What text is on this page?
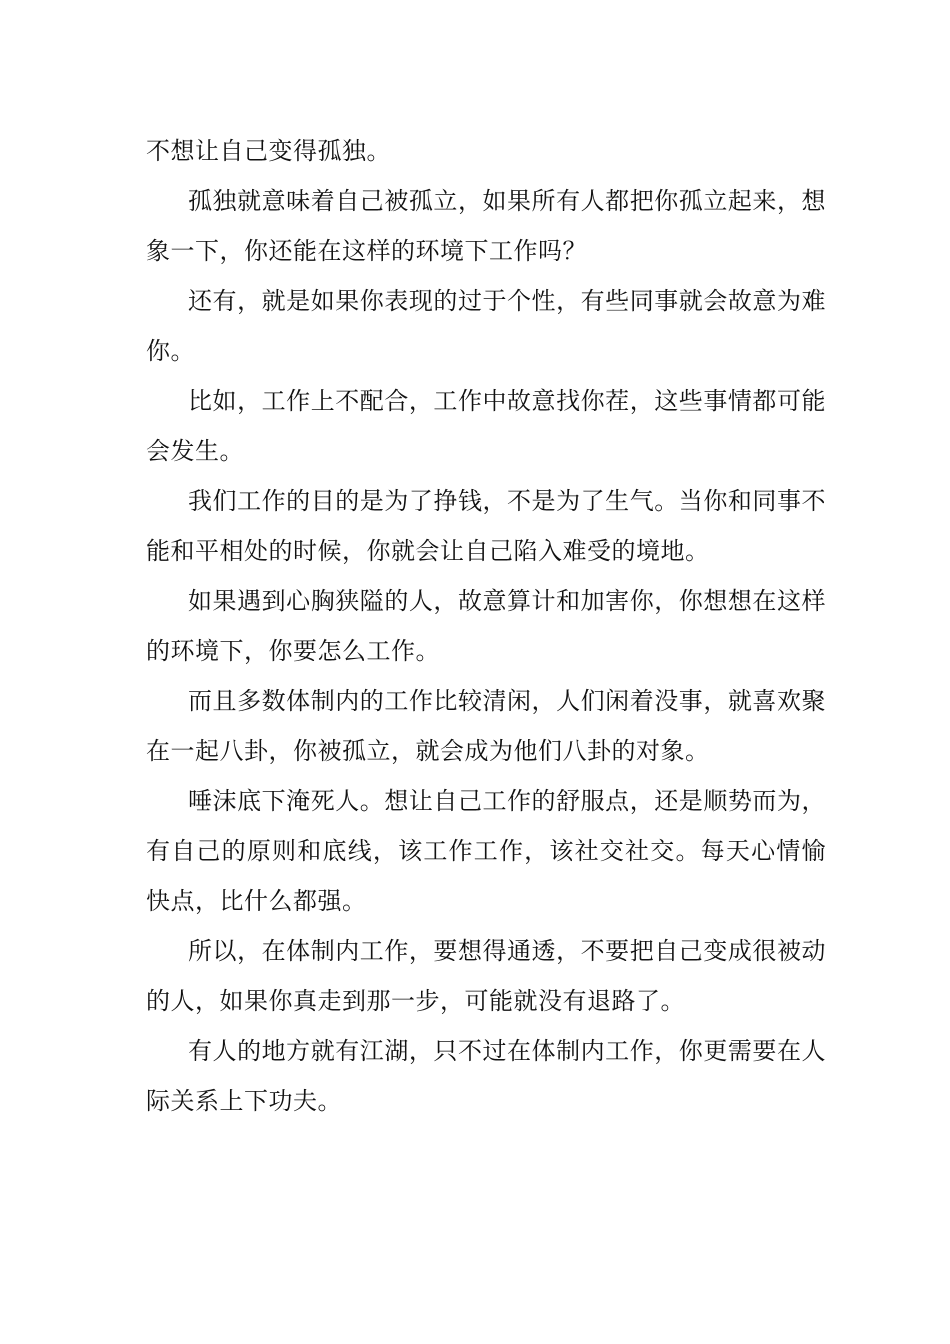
不想让自己变得孤独。

孤独就意味着自己被孤立，如果所有人都把你孤立起来，想象一下，你还能在这样的环境下工作吗？

还有，就是如果你表现的过于个性，有些同事就会故意为难你。

比如，工作上不配合，工作中故意找你茬，这些事情都可能会发生。

我们工作的目的是为了挣钱，不是为了生气。当你和同事不能和平相处的时候，你就会让自己陷入难受的境地。

如果遇到心胸狭隘的人，故意算计和加害你，你想想在这样的环境下，你要怎么工作。

而且多数体制内的工作比较清闲，人们闲着没事，就喜欢聚在一起八卦，你被孤立，就会成为他们八卦的对象。

唾沫底下淹死人。想让自己工作的舒服点，还是顺势而为，有自己的原则和底线，该工作工作，该社交社交。每天心情愉快点，比什么都强。

所以，在体制内工作，要想得通透，不要把自己变成很被动的人，如果你真走到那一步，可能就没有退路了。

有人的地方就有江湖，只不过在体制内工作，你更需要在人际关系上下功夫。
